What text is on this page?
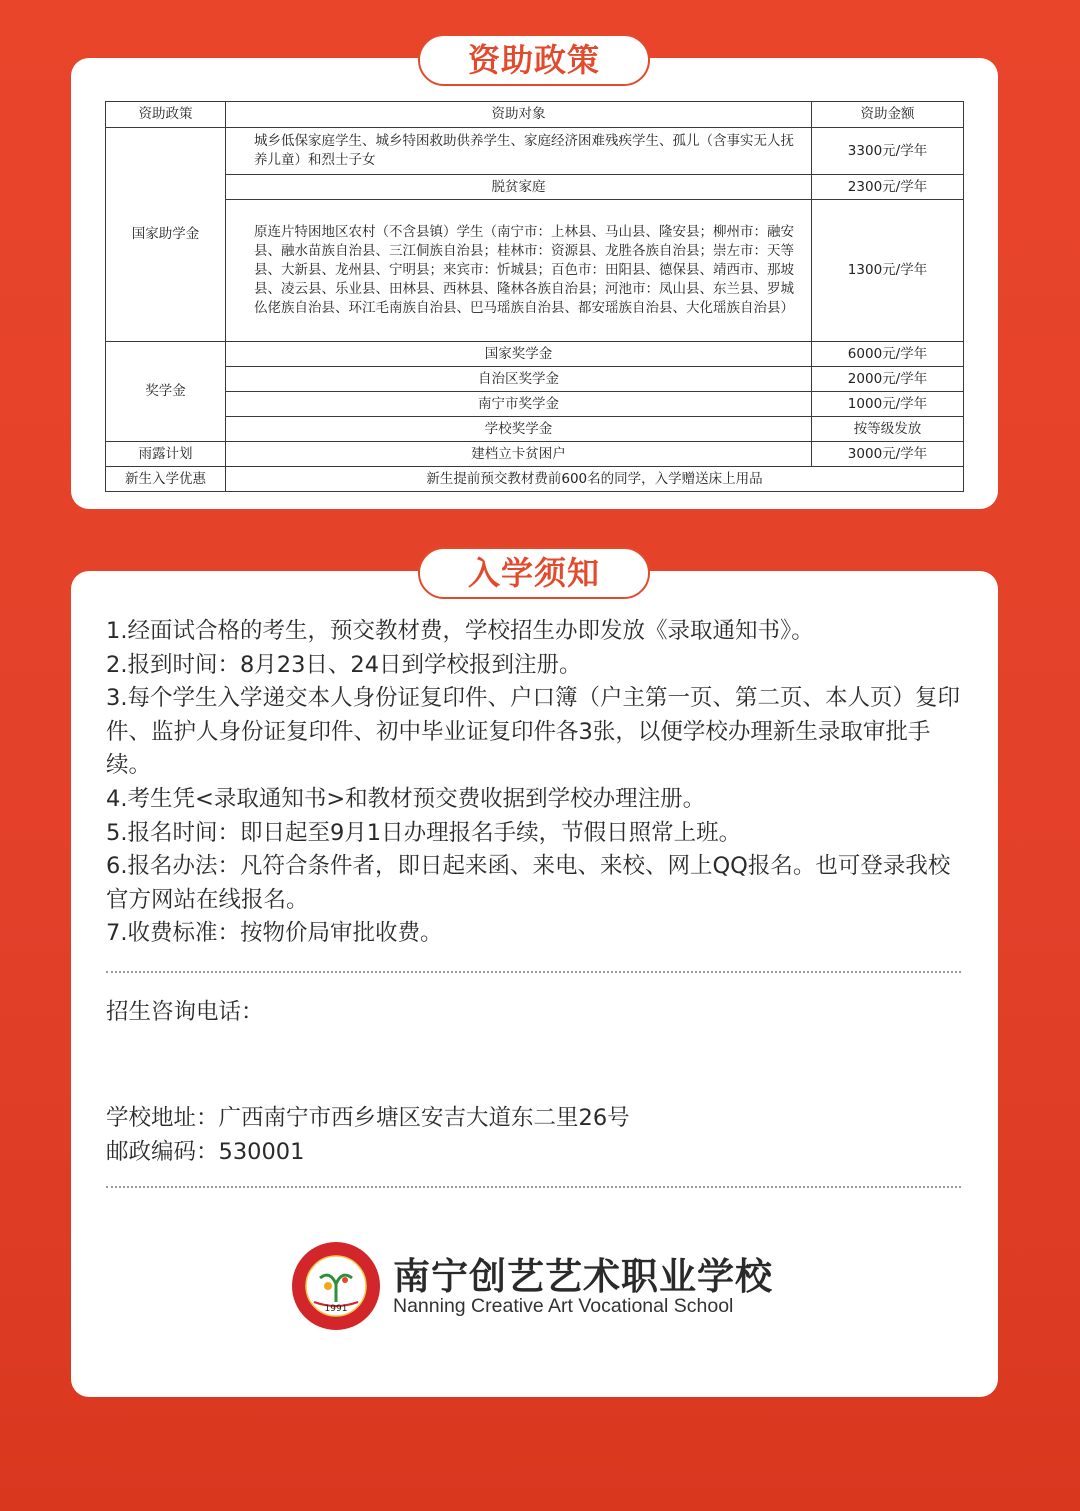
资助政策
资助政策	资助对象	资助金额
国家助学金	城乡低保家庭学生、城乡特困救助供养学生、家庭经济困难残疾学生、孤儿（含事实无人抚养儿童）和烈士子女	3300元/学年
	脱贫家庭	2300元/学年
	原连片特困地区农村（不含县镇）学生（南宁市：上林县、马山县、隆安县；柳州市：融安县、融水苗族自治县、三江侗族自治县；桂林市：资源县、龙胜各族自治县；崇左市：天等县、大新县、龙州县、宁明县；来宾市：忻城县；百色市：田阳县、德保县、靖西市、那坡县、凌云县、乐业县、田林县、西林县、隆林各族自治县；河池市：凤山县、东兰县、罗城仫佬族自治县、环江毛南族自治县、巴马瑶族自治县、都安瑶族自治县、大化瑶族自治县）	1300元/学年
奖学金	国家奖学金	6000元/学年
	自治区奖学金	2000元/学年
	南宁市奖学金	1000元/学年
	学校奖学金	按等级发放
雨露计划	建档立卡贫困户	3000元/学年
新生入学优惠	新生提前预交教材费前600名的同学，入学赠送床上用品	
入学须知

1.经面试合格的考生，预交教材费，学校招生办即发放《录取通知书》。

2.报到时间：8月23日、24日到学校报到注册。

3.每个学生入学递交本人身份证复印件、户口簿（户主第一页、第二页、本人页）复印件、监护人身份证复印件、初中毕业证复印件各3张，以便学校办理新生录取审批手续。

4.考生凭<录取通知书>和教材预交费收据到学校办理注册。

5.报名时间：即日起至9月1日办理报名手续，节假日照常上班。

6.报名办法：凡符合条件者，即日起来函、来电、来校、网上QQ报名。也可登录我校官方网站在线报名。

7.收费标准：按物价局审批收费。

招生咨询电话：
学校地址：广西南宁市西乡塘区安吉大道东二里26号
邮政编码：530001
1991
南宁创艺艺术职业学校
Nanning Creative Art Vocational School
